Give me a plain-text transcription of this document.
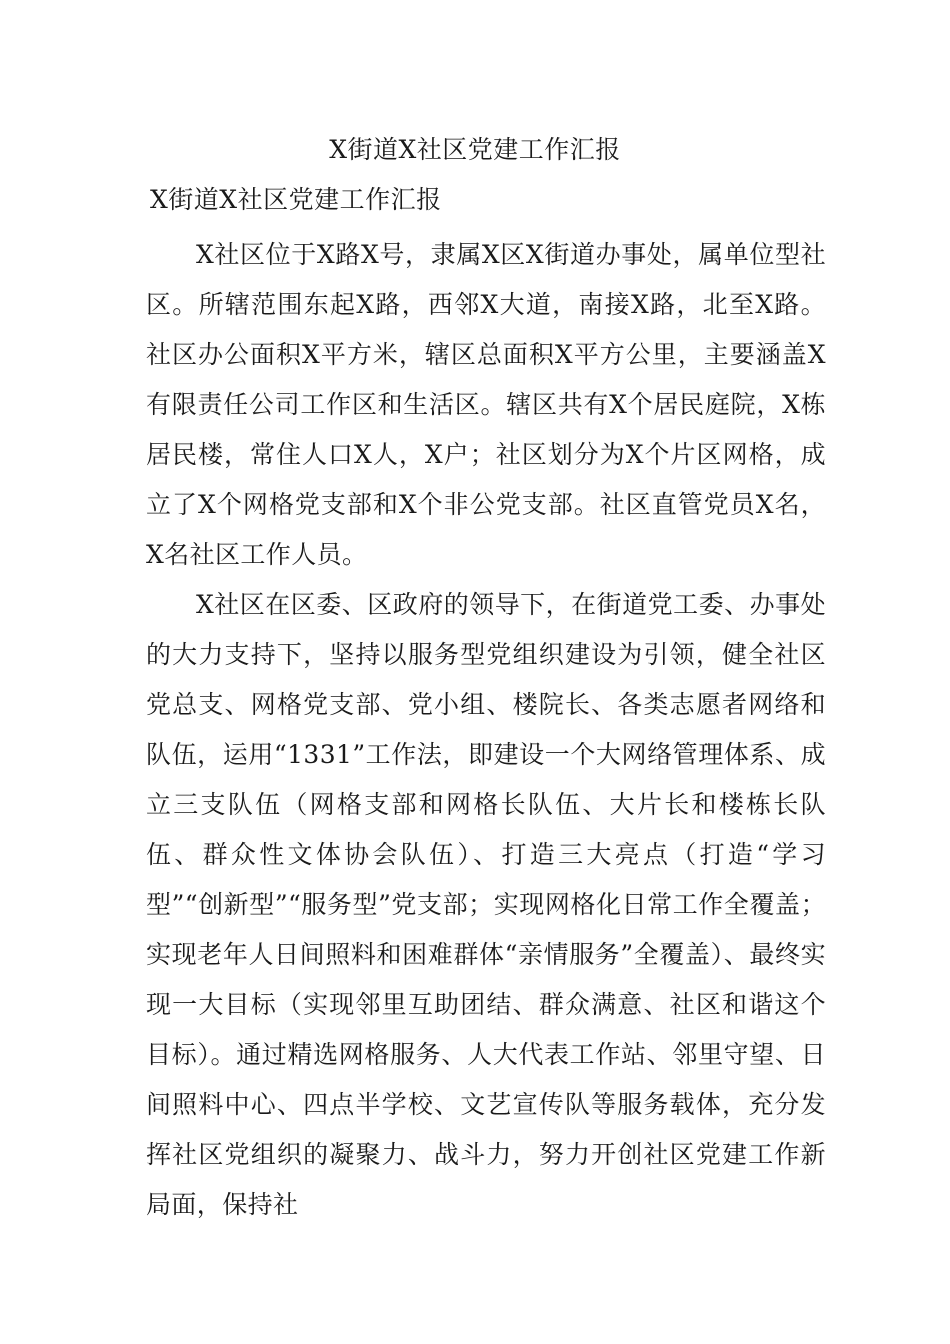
X街道X社区党建工作汇报
X街道X社区党建工作汇报

X社区位于X路X号，隶属X区X街道办事处，属单位型社区。所辖范围东起X路，西邻X大道，南接X路，北至X路。社区办公面积X平方米，辖区总面积X平方公里，主要涵盖X有限责任公司工作区和生活区。辖区共有X个居民庭院，X栋居民楼，常住人口X人，X户；社区划分为X个片区网格，成立了X个网格党支部和X个非公党支部。社区直管党员X名，X名社区工作人员。

X社区在区委、区政府的领导下，在街道党工委、办事处的大力支持下，坚持以服务型党组织建设为引领，健全社区党总支、网格党支部、党小组、楼院长、各类志愿者网络和队伍，运用“1331”工作法，即建设一个大网络管理体系、成立三支队伍（网格支部和网格长队伍、大片长和楼栋长队伍、群众性文体协会队伍）、打造三大亮点（打造“学习型”“创新型”“服务型”党支部；实现网格化日常工作全覆盖；实现老年人日间照料和困难群体“亲情服务”全覆盖）、最终实现一大目标（实现邻里互助团结、群众满意、社区和谐这个目标）。通过精选网格服务、人大代表工作站、邻里守望、日间照料中心、四点半学校、文艺宣传队等服务载体，充分发挥社区党组织的凝聚力、战斗力，努力开创社区党建工作新局面，保持社
